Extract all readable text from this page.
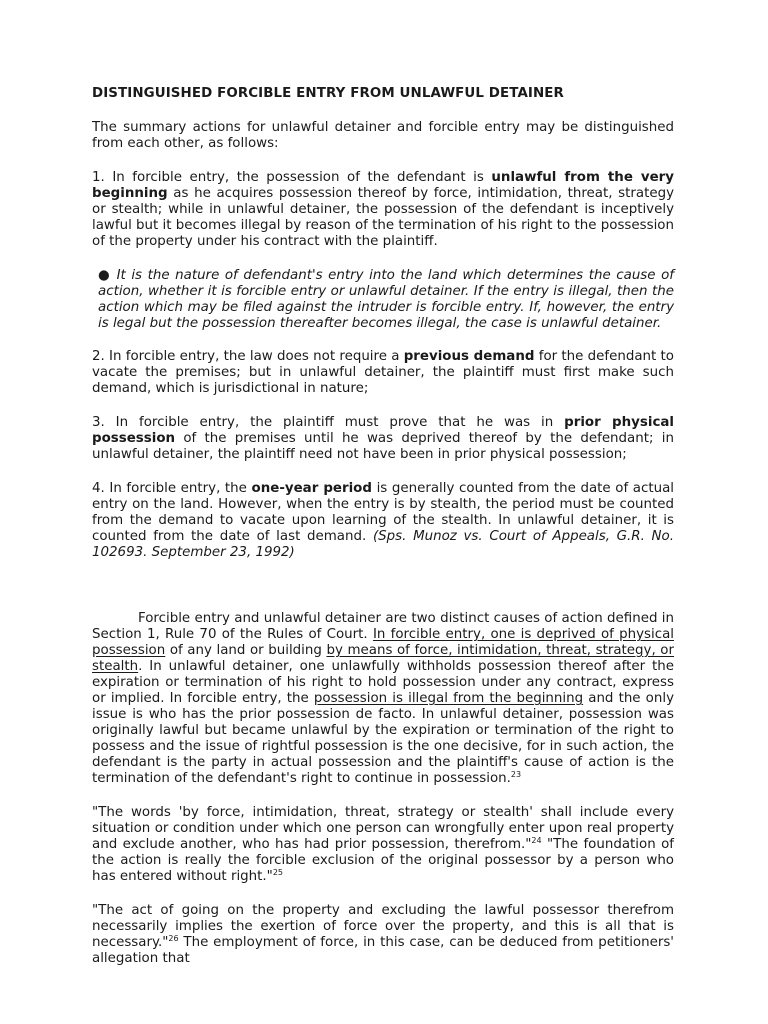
DISTINGUISHED FORCIBLE ENTRY FROM UNLAWFUL DETAINER

The summary actions for unlawful detainer and forcible entry may be distinguished from each other, as follows:

1. In forcible entry, the possession of the defendant is unlawful from the very beginning as he acquires possession thereof by force, intimidation, threat, strategy or stealth; while in unlawful detainer, the possession of the defendant is inceptively lawful but it becomes illegal by reason of the termination of his right to the possession of the property under his contract with the plaintiff.

● It is the nature of defendant's entry into the land which determines the cause of action, whether it is forcible entry or unlawful detainer. If the entry is illegal, then the action which may be filed against the intruder is forcible entry. If, however, the entry is legal but the possession thereafter becomes illegal, the case is unlawful detainer.

2. In forcible entry, the law does not require a previous demand for the defendant to vacate the premises; but in unlawful detainer, the plaintiff must first make such demand, which is jurisdictional in nature;

3. In forcible entry, the plaintiff must prove that he was in prior physical possession of the premises until he was deprived thereof by the defendant; in unlawful detainer, the plaintiff need not have been in prior physical possession;

4. In forcible entry, the one-year period is generally counted from the date of actual entry on the land. However, when the entry is by stealth, the period must be counted from the demand to vacate upon learning of the stealth. In unlawful detainer, it is counted from the date of last demand. (Sps. Munoz vs. Court of Appeals, G.R. No. 102693. September 23, 1992)

Forcible entry and unlawful detainer are two distinct causes of action defined in Section 1, Rule 70 of the Rules of Court. In forcible entry, one is deprived of physical possession of any land or building by means of force, intimidation, threat, strategy, or stealth. In unlawful detainer, one unlawfully withholds possession thereof after the expiration or termination of his right to hold possession under any contract, express or implied. In forcible entry, the possession is illegal from the beginning and the only issue is who has the prior possession de facto. In unlawful detainer, possession was originally lawful but became unlawful by the expiration or termination of the right to possess and the issue of rightful possession is the one decisive, for in such action, the defendant is the party in actual possession and the plaintiff's cause of action is the termination of the defendant's right to continue in possession.$^{23}$

"The words 'by force, intimidation, threat, strategy or stealth' shall include every situation or condition under which one person can wrongfully enter upon real property and exclude another, who has had prior possession, therefrom."$^{24}$ "The foundation of the action is really the forcible exclusion of the original possessor by a person who has entered without right."$^{25}$

"The act of going on the property and excluding the lawful possessor therefrom necessarily implies the exertion of force over the property, and this is all that is necessary."$^{26}$ The employment of force, in this case, can be deduced from petitioners' allegation that
